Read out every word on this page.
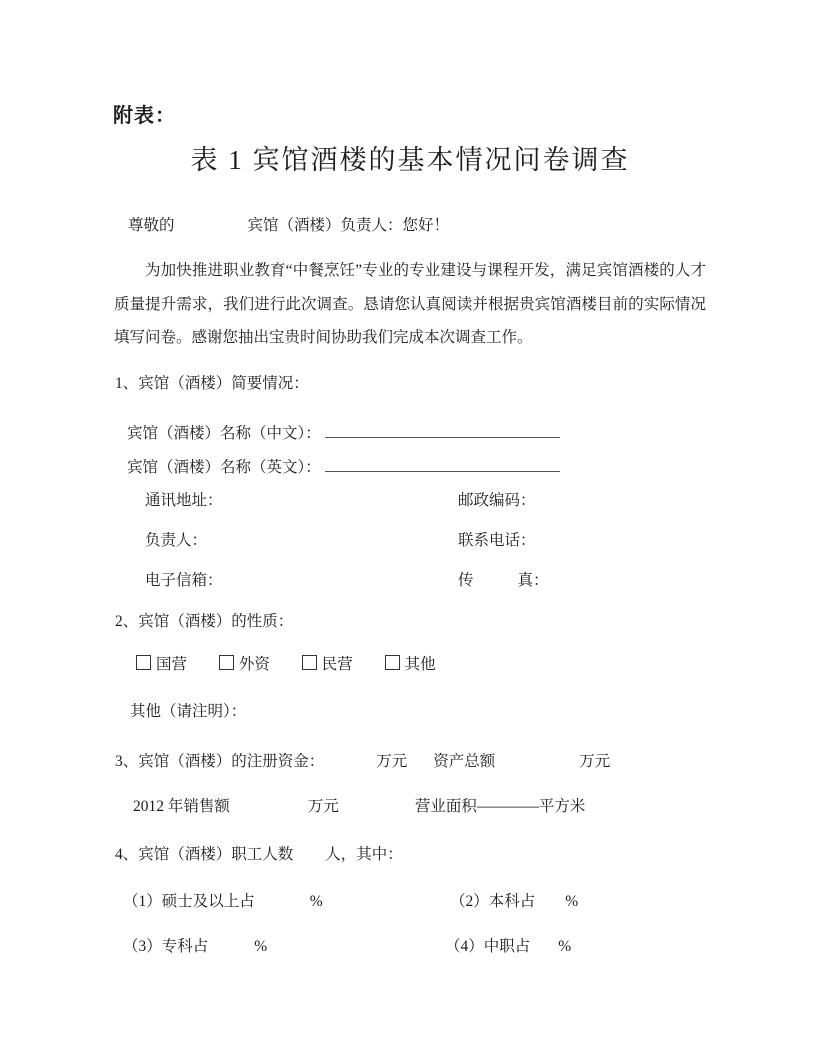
附表：
表 1 宾馆酒楼的基本情况问卷调查
尊敬的	宾馆（酒楼）负责人：您好！
为加快推进职业教育“中餐烹饪”专业的专业建设与课程开发，满足宾馆酒楼的人才质量提升需求，我们进行此次调查。恳请您认真阅读并根据贵宾馆酒楼目前的实际情况填写问卷。感谢您抽出宝贵时间协助我们完成本次调查工作。
1、宾馆（酒楼）简要情况：
宾馆（酒楼）名称（中文）：
宾馆（酒楼）名称（英文）：
通讯地址：	邮政编码：
负责人：	联系电话：
电子信箱：	传	真：
2、宾馆（酒楼）的性质：
国营	外资	民营	其他
其他（请注明）：
3、宾馆（酒楼）的注册资金：	万元 资产总额	万元
2012 年销售额	万元	营业面积————平方米
4、宾馆（酒楼）职工人数 人，其中：
（1）硕士及以上占	%	（2）本科占 %
（3）专科占	%	（4）中职占 %
